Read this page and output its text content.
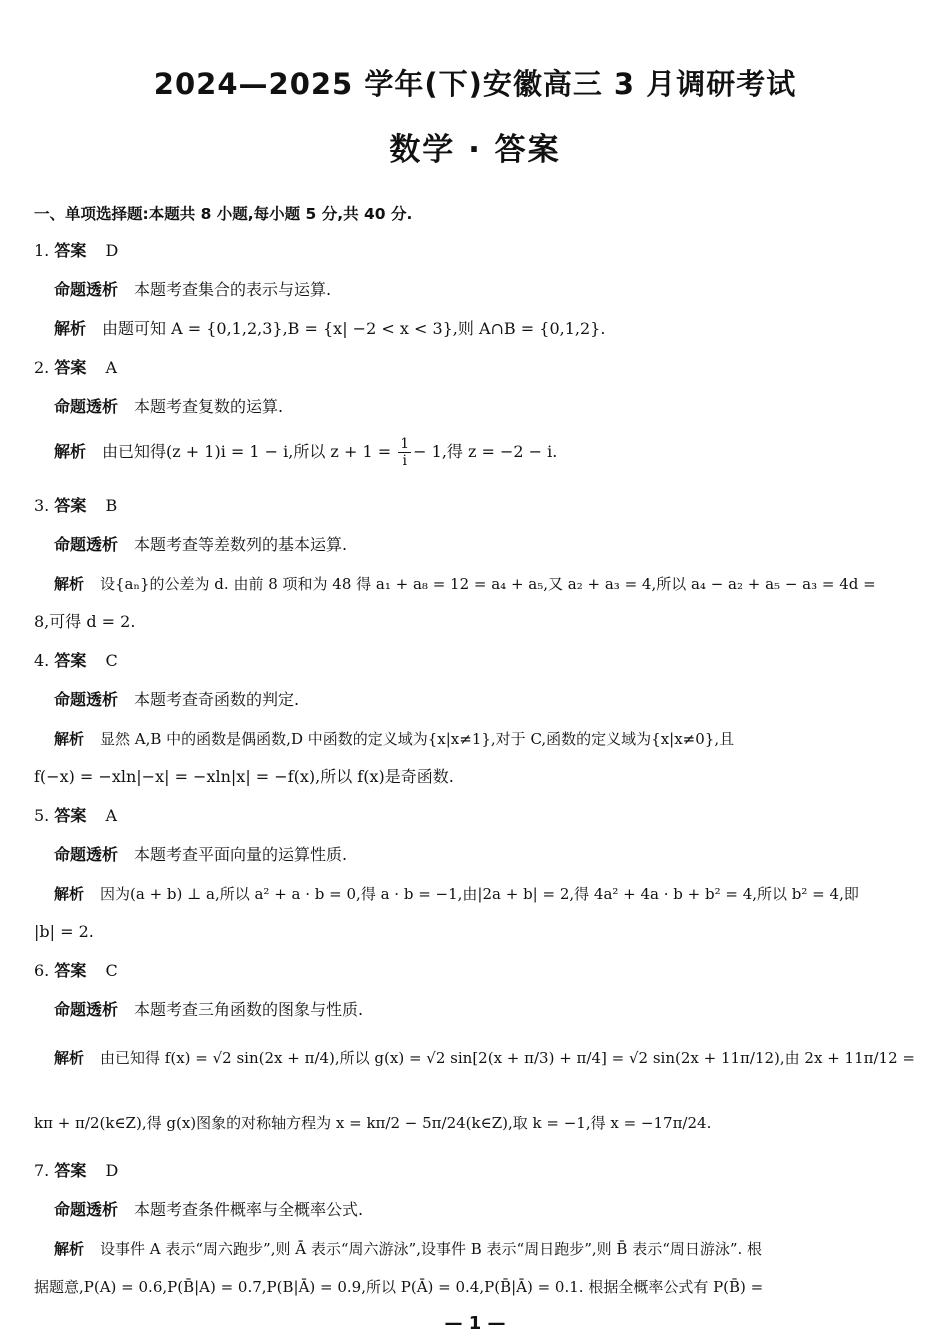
2024—2025 学年(下)安徽高三 3 月调研考试
数学 · 答案
一、单项选择题:本题共 8 小题,每小题 5 分,共 40 分.
1. 答案 D
命题透析 本题考查集合的表示与运算.
解析 由题可知 A = {0,1,2,3},B = {x| −2 < x < 3},则 A∩B = {0,1,2}.
2. 答案 A
命题透析 本题考查复数的运算.
解析 由已知得(z + 1)i = 1 − i,所以 $z + 1 = \frac{1}{i} - 1$,得 z = −2 − i.
3. 答案 B
命题透析 本题考查等差数列的基本运算.
解析 设{aₙ}的公差为 d. 由前 8 项和为 48 得 a₁ + a₈ = 12 = a₄ + a₅,又 a₂ + a₃ = 4,所以 a₄ − a₂ + a₅ − a₃ = 4d =
8,可得 d = 2.
4. 答案 C
命题透析 本题考查奇函数的判定.
解析 显然 A,B 中的函数是偶函数,D 中函数的定义域为{x|x≠1},对于 C,函数的定义域为{x|x≠0},且
f(−x) = −xln|−x| = −xln|x| = −f(x),所以 f(x)是奇函数.
5. 答案 A
命题透析 本题考查平面向量的运算性质.
解析 因为(a + b) ⊥ a,所以 a² + a · b = 0,得 a · b = −1,由|2a + b| = 2,得 4a² + 4a · b + b² = 4,所以 b² = 4,即
|b| = 2.
6. 答案 C
命题透析 本题考查三角函数的图象与性质.
解析 由已知得 f(x) = √2 sin(2x + π/4),所以 g(x) = √2 sin[2(x + π/3) + π/4] = √2 sin(2x + 11π/12),由 2x + 11π/12 =
kπ + π/2(k∈Z),得 g(x)图象的对称轴方程为 x = kπ/2 − 5π/24(k∈Z),取 k = −1,得 x = −17π/24.
7. 答案 D
命题透析 本题考查条件概率与全概率公式.
解析 设事件 A 表示“周六跑步”,则 Ā 表示“周六游泳”,设事件 B 表示“周日跑步”,则 B̄ 表示“周日游泳”. 根
据题意,P(A) = 0.6,P(B̄|A) = 0.7,P(B|Ā) = 0.9,所以 P(Ā) = 0.4,P(B̄|Ā) = 0.1. 根据全概率公式有 P(B̄) =
— 1 —
